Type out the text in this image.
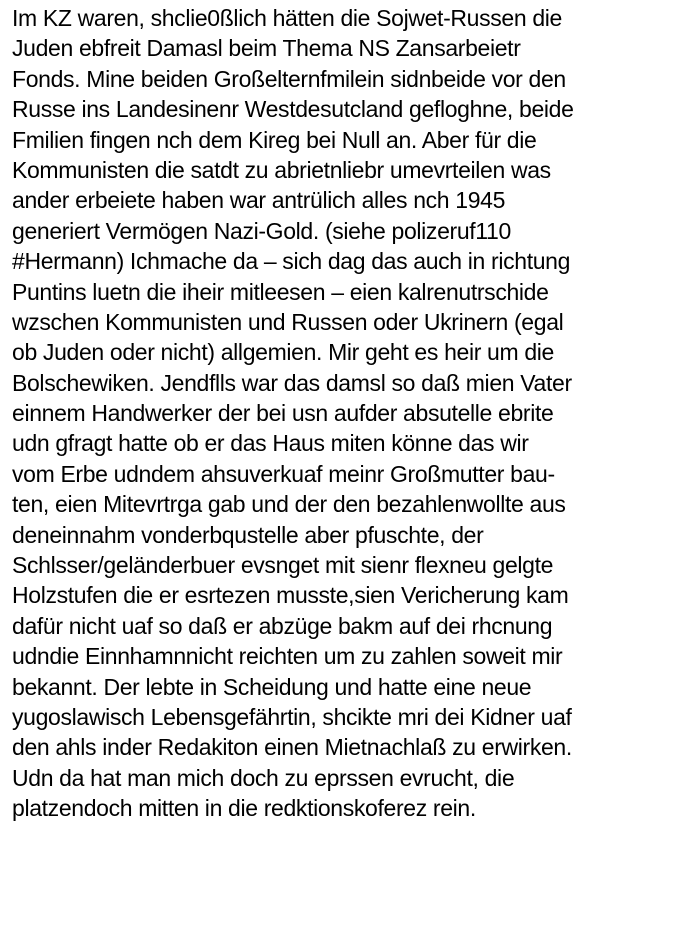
Im KZ waren, shclie0ßlich hätten die Sojwet-Russen die
Juden ebfreit Damasl beim Thema NS Zansarbeietr
Fonds. Mine beiden Großelternfmilein sidnbeide vor den
Russe ins Landesinenr Westdesutcland gefloghne, beide
Fmilien fingen nch dem Kireg bei Null an. Aber für die
Kommunisten die satdt zu abrietnliebr umevrteilen was
ander erbeiete haben war antrülich alles nch 1945
generiert Vermögen Nazi-Gold. (siehe polizeruf110
#Hermann) Ichmache da – sich dag das auch in richtung
Puntins luetn die iheir mitleesen – eien kalrenutrschide
wzschen Kommunisten und Russen oder Ukrinern (egal
ob Juden oder nicht) allgemien. Mir geht es heir um die
Bolschewiken. Jendflls war das damsl so daß mien Vater
einnem Handwerker der bei usn aufder absutelle ebrite
udn gfragt hatte ob er das Haus miten könne das wir
vom Erbe udndem ahsuverkuaf meinr Großmutter bau-
ten, eien Mitevrtrga gab und der den bezahlenwollte aus
deneinnahm vonderbqustelle aber pfuschte, der
Schlsser/geländerbuer evsnget mit sienr flexneu gelgte
Holzstufen die er esrtezen musste,sien Vericherung kam
dafür nicht uaf so daß er abzüge bakm auf dei rhcnung
udndie Einnhamnnicht reichten um zu zahlen soweit mir
bekannt. Der lebte in Scheidung und hatte eine neue
yugoslawisch Lebensgefährtin, shcikte mri dei Kidner uaf
den ahls inder Redakiton einen Mietnachlaß zu erwirken.
Udn da hat man mich doch zu eprssen evrucht, die
platzendoch mitten in die redktionskoferez rein.
